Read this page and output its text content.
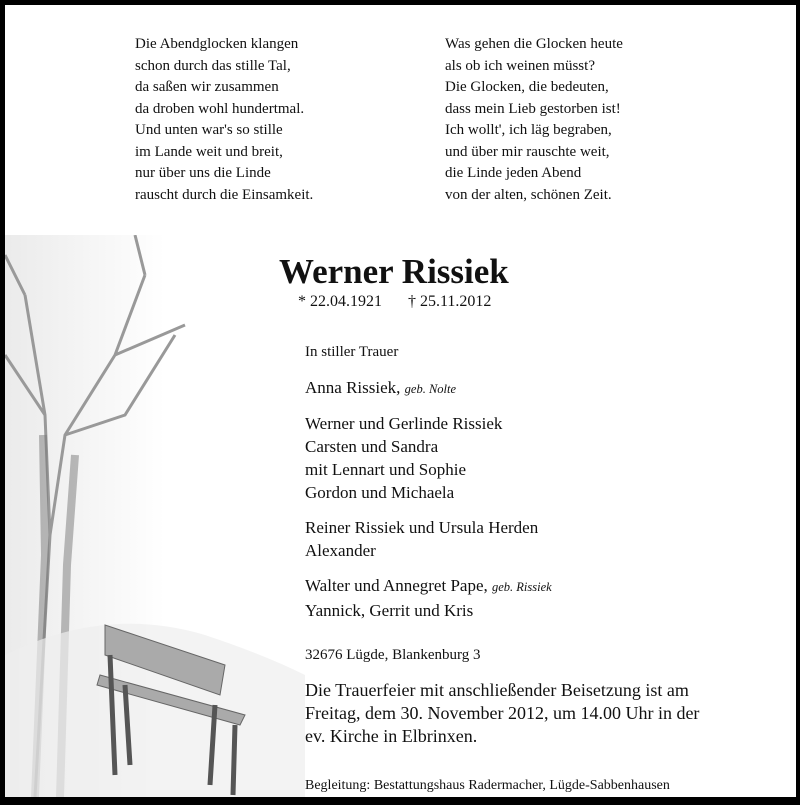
Die Abendglocken klangen
schon durch das stille Tal,
da saßen wir zusammen
da droben wohl hundertmal.
Und unten war's so stille
im Lande weit und breit,
nur über uns die Linde
rauscht durch die Einsamkeit.
Was gehen die Glocken heute
als ob ich weinen müsst?
Die Glocken, die bedeuten,
dass mein Lieb gestorben ist!
Ich wollt', ich läg begraben,
und über mir rauschte weit,
die Linde jeden Abend
von der alten, schönen Zeit.
Werner Rissiek
* 22.04.1921 † 25.11.2012
In stiller Trauer
Anna Rissiek, geb. Nolte
Werner und Gerlinde Rissiek
Carsten und Sandra
mit Lennart und Sophie
Gordon und Michaela
Reiner Rissiek und Ursula Herden
Alexander
Walter und Annegret Pape, geb. Rissiek
Yannick, Gerrit und Kris
32676 Lügde, Blankenburg 3
Die Trauerfeier mit anschließender Beisetzung ist am
Freitag, dem 30. November 2012, um 14.00 Uhr in der
ev. Kirche in Elbrinxen.
Begleitung: Bestattungshaus Radermacher, Lügde-Sabbenhausen
